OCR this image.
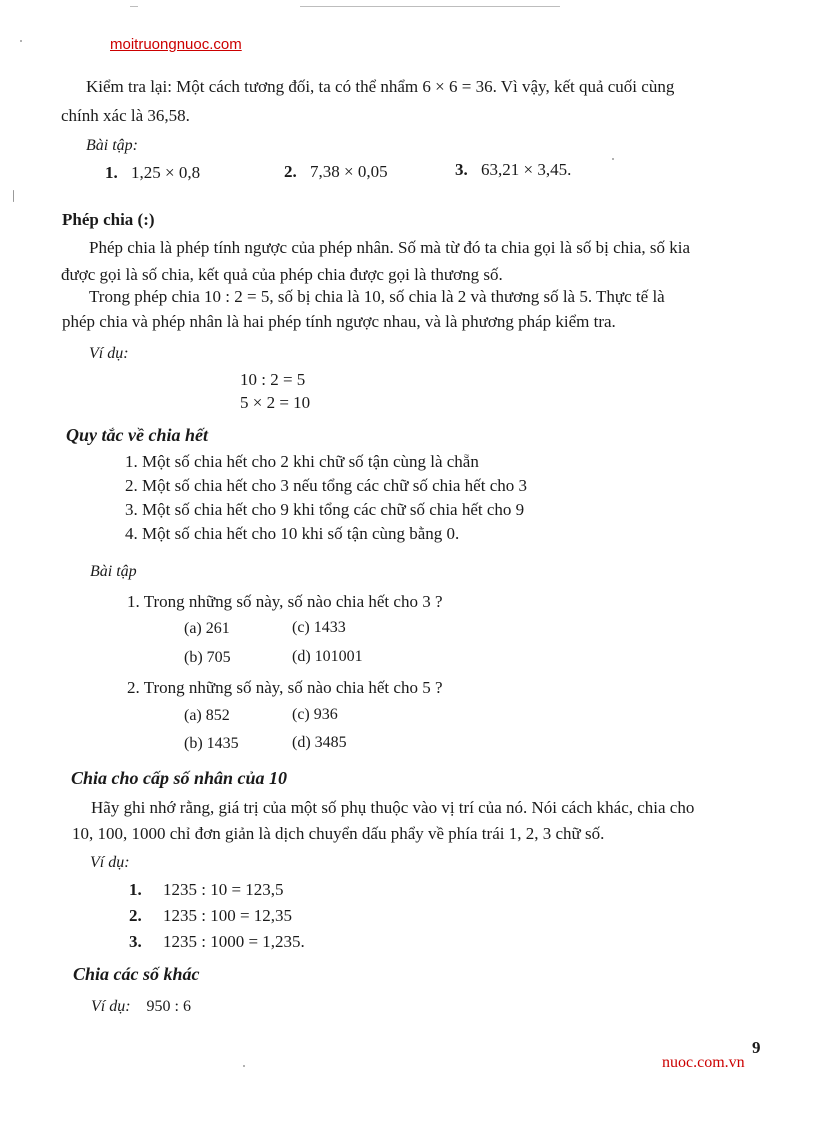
moitruongnuoc.com
Kiểm tra lại: Một cách tương đối, ta có thể nhẩm 6 × 6 = 36. Vì vậy, kết quả cuối cùng
chính xác là 36,58.
Bài tập:
1. 1,25 × 0,8	2. 7,38 × 0,05	3. 63,21 × 3,45.
Phép chia (:)
Phép chia là phép tính ngược của phép nhân. Số mà từ đó ta chia gọi là số bị chia, số kia
được gọi là số chia, kết quả của phép chia được gọi là thương số.
Trong phép chia 10 : 2 = 5, số bị chia là 10, số chia là 2 và thương số là 5. Thực tế là
phép chia và phép nhân là hai phép tính ngược nhau, và là phương pháp kiểm tra.
Ví dụ:
10 : 2 = 5
5 × 2 = 10
Quy tắc về chia hết
1. Một số chia hết cho 2 khi chữ số tận cùng là chẵn
2. Một số chia hết cho 3 nếu tổng các chữ số chia hết cho 3
3. Một số chia hết cho 9 khi tổng các chữ số chia hết cho 9
4. Một số chia hết cho 10 khi số tận cùng bằng 0.
Bài tập
1. Trong những số này, số nào chia hết cho 3 ?
(a) 261	(c) 1433
(b) 705	(d) 101001
2. Trong những số này, số nào chia hết cho 5 ?
(a) 852	(c) 936
(b) 1435	(d) 3485
Chia cho cấp số nhân của 10
Hãy ghi nhớ rằng, giá trị của một số phụ thuộc vào vị trí của nó. Nói cách khác, chia cho
10, 100, 1000 chỉ đơn giản là dịch chuyển dấu phẩy về phía trái 1, 2, 3 chữ số.
Ví dụ:
1. 1235 : 10 = 123,5
2. 1235 : 100 = 12,35
3. 1235 : 1000 = 1,235.
Chia các số khác
Ví dụ: 950 : 6
9
nuoc.com.vn
